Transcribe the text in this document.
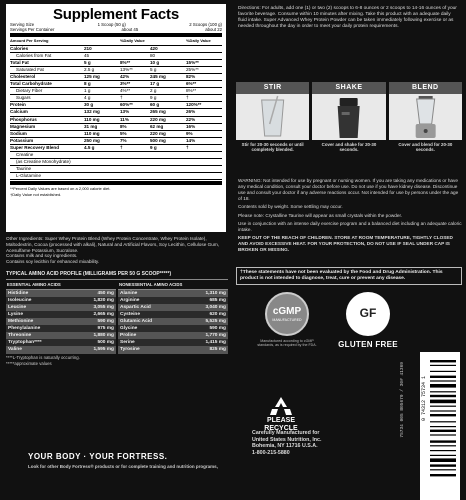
Supplement Facts
Serving Size	1 Scoop (50 g)	2 Scoops (100 g)
Servings Per Container	about 45	about 22
Amount Per Serving	%Daily Value	%Daily Value
Calories	210	420
Calories from Fat	45	80
Total Fat	5 g	8%**	10 g	15%**
Saturated Fat	2.5 g	13%**	5 g	25%**
Cholesterol	125 mg	42%	245 mg	82%
Total Carbohydrate	8 g	3%**	17 g	6%**
Dietary Fiber	1 g	4%**	2 g	8%**
Sugars	4 g	†	9 g	†
Protein	30 g	60%**	60 g	120%**
Calcium	132 mg	13%	265 mg	26%
Phosphorus	110 mg	11%	220 mg	22%
Magnesium	31 mg	8%	62 mg	16%
Sodium	110 mg	5%	220 mg	9%
Potassium	250 mg	7%	500 mg	14%
Super Recovery Blend	4.5 g	†	9 g	†
Creatine
(as Creatine Monohydrate)
Taurine
L-Glutamine
**Percent Daily Values are based on a 2,000 calorie diet.
†Daily Value not established.
Other Ingredients: Super Whey Protein Blend (Whey Protein Concentrate, Whey Protein Isolate), Maltodextrin, Cocoa (processed with alkali), Natural and Artificial Flavors, Soy Lecithin, Cellulose Gum, Acesulfame Potassium, Sucralose.
Contains milk and soy ingredients.
Contains soy lecithin for enhanced mixability.
TYPICAL AMINO ACID PROFILE (MILLIGRAMS PER 50 G SCOOP*****)
ESSENTIAL AMINO ACIDS
Histidine	450 mg
Isoleucine	1,820 mg
Leucine	3,055 mg
Lysine	2,665 mg
Methionine	590 mg
Phenylalanine	975 mg
Threonine	1,880 mg
Tryptophan****	500 mg
Valine	1,595 mg
NONESSENTIAL AMINO ACIDS
Alanine	1,310 mg
Arginine	685 mg
Aspartic Acid	3,040 mg
Cysteine	620 mg
Glutamic Acid	5,525 mg
Glycine	590 mg
Proline	1,770 mg
Serine	1,415 mg
Tyrosine	825 mg
****L-Tryptophan is naturally occurring.
*****approximate values
YOUR BODY · YOUR FORTRESS.
Look for other Body Fortress® products or for complete training and nutrition programs,
Directions: For adults, add one (1) or two (2) scoops to 6-8 ounces or 2 scoops to 14-16 ounces of your favorite beverage. Consume within 10 minutes after mixing. Take this product with an adequate daily fluid intake. Super Advanced Whey Protein Powder can be taken immediately following exercise or as needed throughout the day in order to meet your daily protein requirements.
STIR
Stir for 20-30 seconds or until completely blended.
SHAKE
Cover and shake for 20-30 seconds.
BLEND
Cover and blend for 20-30 seconds.

WARNING: Not intended for use by pregnant or nursing women. If you are taking any medications or have any medical condition, consult your doctor before use. Do not use if you have kidney disease. Discontinue use and consult your doctor if any adverse reactions occur. Not intended for use by persons under the age of 18.

Contents sold by weight. Some settling may occur.

Please note: Crystalline Taurine will appear as small crystals within the powder.

Use in conjunction with an intense daily exercise program and a balanced diet including an adequate caloric intake.

KEEP OUT OF THE REACH OF CHILDREN. STORE AT ROOM TEMPERATURE, TIGHTLY CLOSED AND AVOID EXCESSIVE HEAT. FOR YOUR PROTECTION, DO NOT USE IF SEAL UNDER CAP IS BROKEN OR MISSING.

†These statements have not been evaluated by the Food and Drug Administration. This product is not intended to diagnose, treat, cure or prevent any disease.
cGMP
MANUFACTURED
Manufactured according to cGMP standards, as is required by the FDA.
GF
GLUTEN FREE
PLEASE RECYCLE
Carefully Manufactured for
United States Nutrition, Inc.
Bohemia, NY 11716 U.S.A.
1-800-215-5880
0 74312 75734 1
75734 005 B05679 / 30# 41369
